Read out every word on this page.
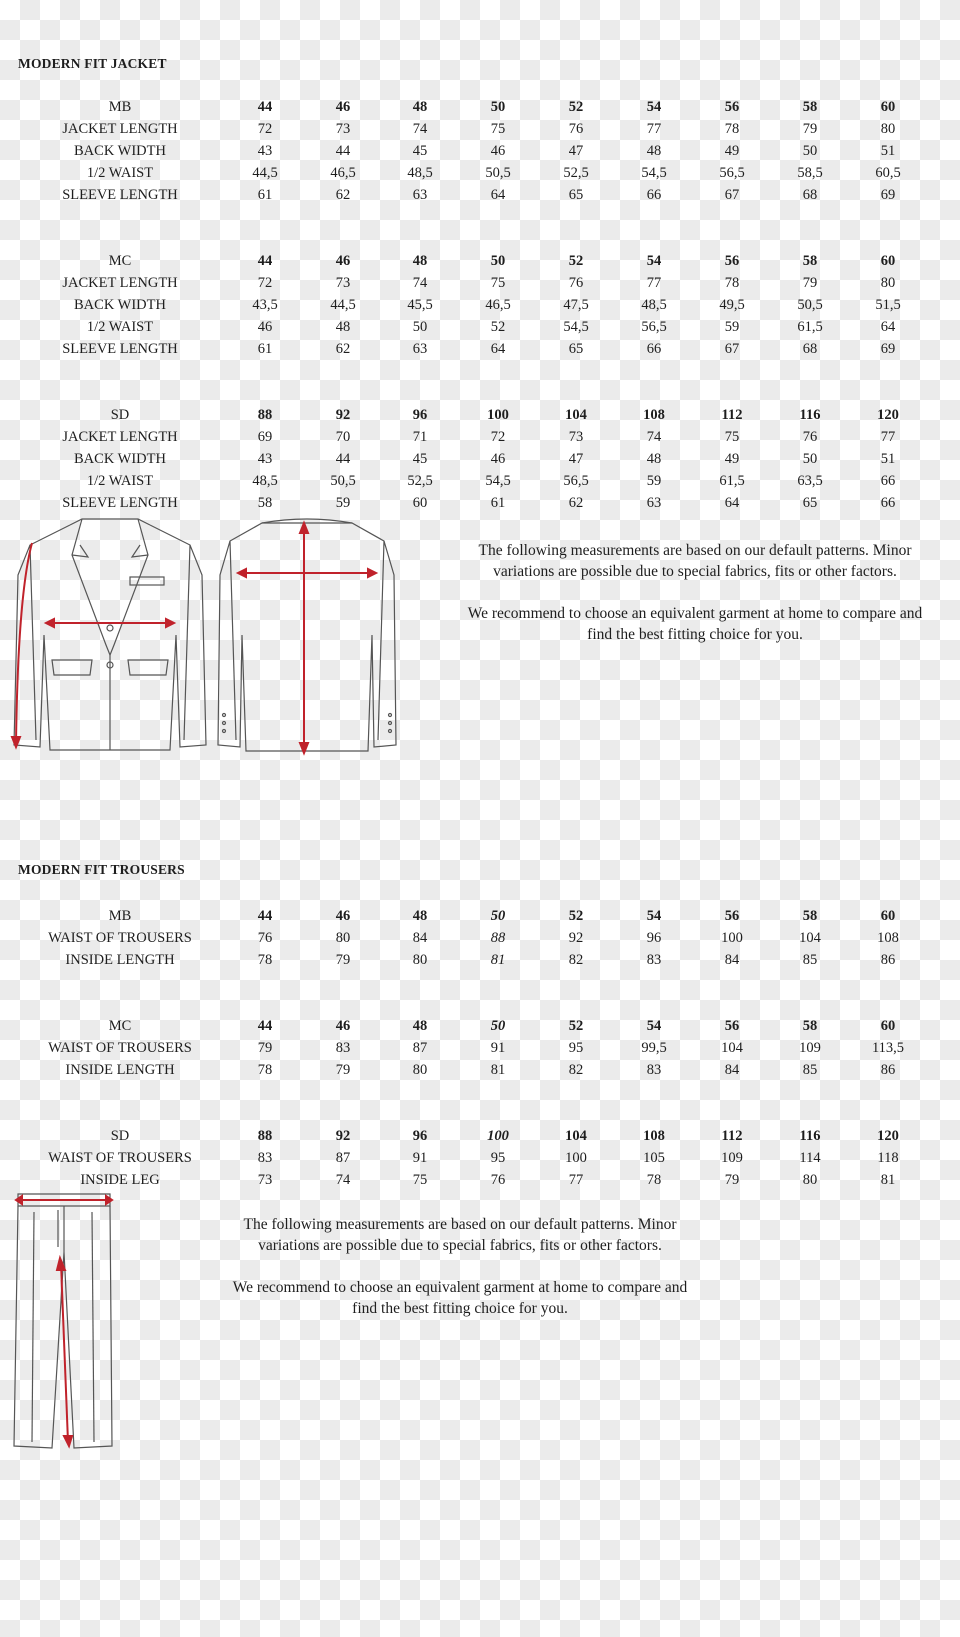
MODERN FIT JACKET
MB	44	46	48	50	52	54	56	58	60
JACKET LENGTH	72	73	74	75	76	77	78	79	80
BACK WIDTH	43	44	45	46	47	48	49	50	51
1/2 WAIST	44,5	46,5	48,5	50,5	52,5	54,5	56,5	58,5	60,5
SLEEVE LENGTH	61	62	63	64	65	66	67	68	69
MC	44	46	48	50	52	54	56	58	60
JACKET LENGTH	72	73	74	75	76	77	78	79	80
BACK WIDTH	43,5	44,5	45,5	46,5	47,5	48,5	49,5	50,5	51,5
1/2 WAIST	46	48	50	52	54,5	56,5	59	61,5	64
SLEEVE LENGTH	61	62	63	64	65	66	67	68	69
SD	88	92	96	100	104	108	112	116	120
JACKET LENGTH	69	70	71	72	73	74	75	76	77
BACK WIDTH	43	44	45	46	47	48	49	50	51
1/2 WAIST	48,5	50,5	52,5	54,5	56,5	59	61,5	63,5	66
SLEEVE LENGTH	58	59	60	61	62	63	64	65	66

The following measurements are based on our default patterns. Minor variations are possible due to special fabrics, fits or other factors.

We recommend to choose an equivalent garment at home to compare and find the best fitting choice for you.

MODERN FIT TROUSERS
MB	44	46	48	50	52	54	56	58	60
WAIST OF TROUSERS	76	80	84	88	92	96	100	104	108
INSIDE LENGTH	78	79	80	81	82	83	84	85	86
MC	44	46	48	50	52	54	56	58	60
WAIST OF TROUSERS	79	83	87	91	95	99,5	104	109	113,5
INSIDE LENGTH	78	79	80	81	82	83	84	85	86
SD	88	92	96	100	104	108	112	116	120
WAIST OF TROUSERS	83	87	91	95	100	105	109	114	118
INSIDE LEG	73	74	75	76	77	78	79	80	81

The following measurements are based on our default patterns. Minor variations are possible due to special fabrics, fits or other factors.

We recommend to choose an equivalent garment at home to compare and find the best fitting choice for you.
